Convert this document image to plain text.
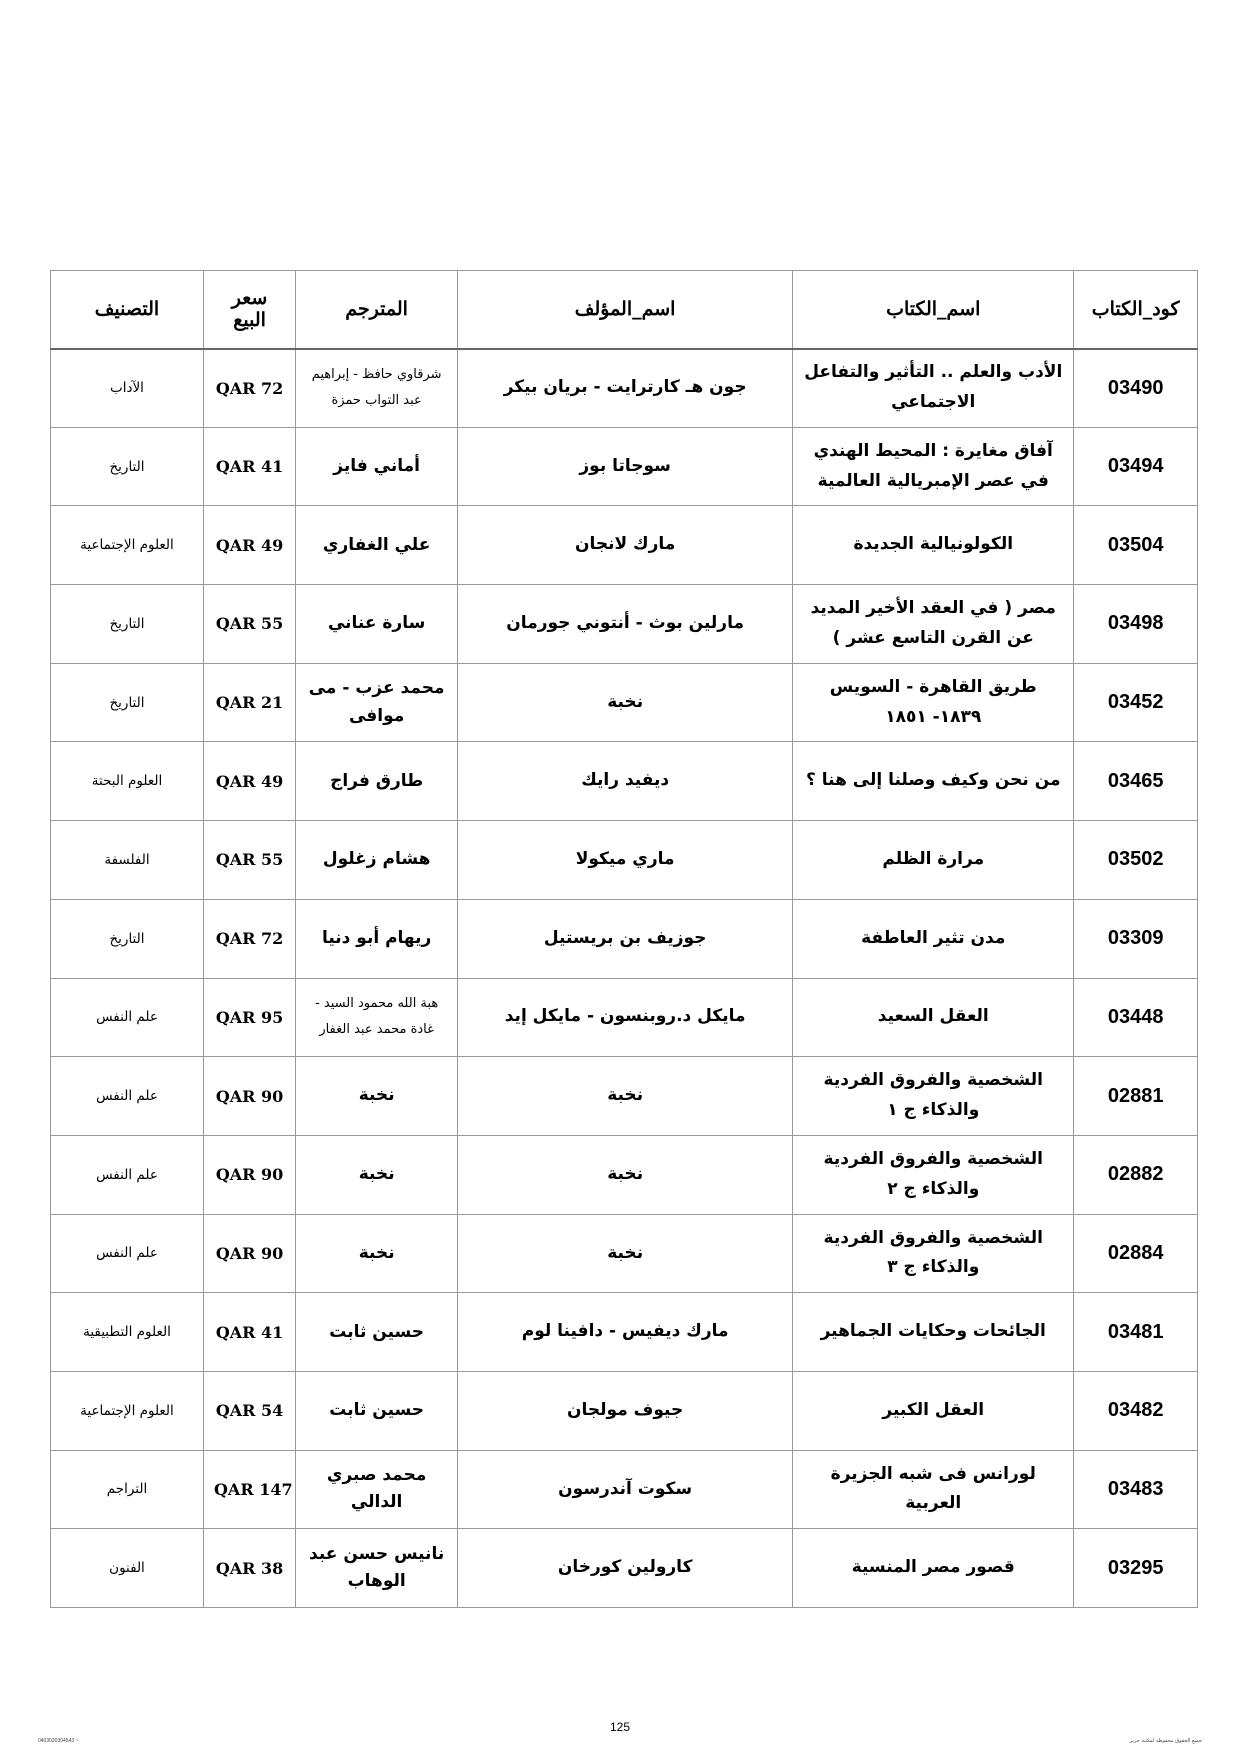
كود_الكتاب	اسم_الكتاب	اسم_المؤلف	المترجم	سعر البيع	التصنيف
03490	الأدب والعلم .. التأثير والتفاعل الاجتماعي	جون هـ كارترايت - بريان بيكر	شرقاوي حافظ - إبراهيم عبد التواب حمزة	QAR 72	الآداب
03494	آفاق مغايرة : المحيط الهندي في عصر الإمبريالية العالمية	سوجاتا بوز	أماني فايز	QAR 41	التاريخ
03504	الكولونيالية الجديدة	مارك لانجان	علي الغفاري	QAR 49	العلوم الإجتماعية
03498	مصر ( في العقد الأخير المديد عن القرن التاسع عشر )	مارلين بوث - أنتوني جورمان	سارة عناني	QAR 55	التاريخ
03452	طريق القاهرة - السويس ١٨٣٩- ١٨٥١	نخبة	محمد عزب - مى موافى	QAR 21	التاريخ
03465	من نحن وكيف وصلنا إلى هنا ؟	ديفيد رايك	طارق فراج	QAR 49	العلوم البحتة
03502	مرارة الظلم	ماري ميكولا	هشام زغلول	QAR 55	الفلسفة
03309	مدن تثير العاطفة	جوزيف بن بريستيل	ريهام أبو دنيا	QAR 72	التاريخ
03448	العقل السعيد	مايكل د.روبنسون - مايكل إيد	هبة الله محمود السيد - غادة محمد عبد الغفار	QAR 95	علم النفس
02881	الشخصية والفروق الفردية والذكاء ج ١	نخبة	نخبة	QAR 90	علم النفس
02882	الشخصية والفروق الفردية والذكاء ج ٢	نخبة	نخبة	QAR 90	علم النفس
02884	الشخصية والفروق الفردية والذكاء ج ٣	نخبة	نخبة	QAR 90	علم النفس
03481	الجائحات وحكايات الجماهير	مارك ديفيس - دافينا لوم	حسين ثابت	QAR 41	العلوم التطبيقية
03482	العقل الكبير	جيوف مولجان	حسين ثابت	QAR 54	العلوم الإجتماعية
03483	لورانس فى شبه الجزيرة العربية	سكوت آندرسون	محمد صبري الدالي	QAR 147	التراجم
03295	قصور مصر المنسية	كارولين كورخان	نانيس حسن عبد الوهاب	QAR 38	الفنون
125
0403020304543 ~	جميع الحقوق محفوظة لمكتبة جرير
